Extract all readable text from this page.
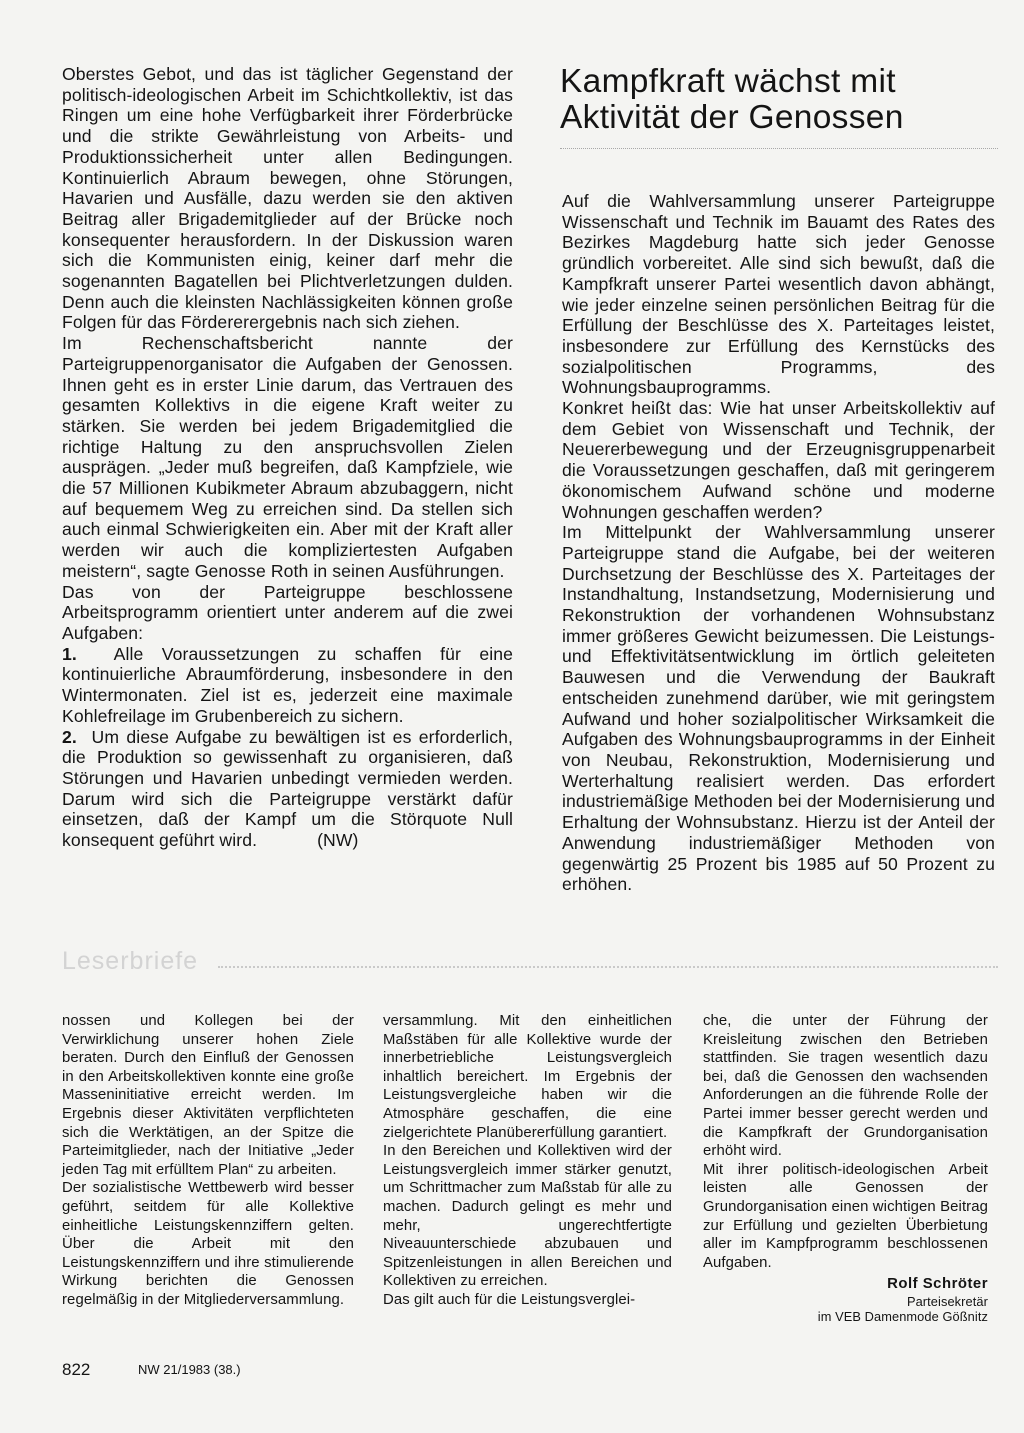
Oberstes Gebot, und das ist täglicher Gegenstand der politisch-ideologischen Arbeit im Schichtkollektiv, ist das Ringen um eine hohe Verfügbarkeit ihrer Förderbrücke und die strikte Gewährleistung von Arbeits- und Produktionssicherheit unter allen Bedingungen. Kontinuierlich Abraum bewegen, ohne Störungen, Havarien und Ausfälle, dazu werden sie den aktiven Beitrag aller Brigademitglieder auf der Brücke noch konsequenter herausfordern. In der Diskussion waren sich die Kommunisten einig, keiner darf mehr die sogenannten Bagatellen bei Plichtverletzungen dulden. Denn auch die kleinsten Nachlässigkeiten können große Folgen für das Fördererergebnis nach sich ziehen.

Im Rechenschaftsbericht nannte der Parteigruppenorganisator die Aufgaben der Genossen. Ihnen geht es in erster Linie darum, das Vertrauen des gesamten Kollektivs in die eigene Kraft weiter zu stärken. Sie werden bei jedem Brigademitglied die richtige Haltung zu den anspruchsvollen Zielen ausprägen. „Jeder muß begreifen, daß Kampfziele, wie die 57 Millionen Kubikmeter Abraum abzubaggern, nicht auf bequemem Weg zu erreichen sind. Da stellen sich auch einmal Schwierigkeiten ein. Aber mit der Kraft aller werden wir auch die kompliziertesten Aufgaben meistern“, sagte Genosse Roth in seinen Ausführungen.

Das von der Parteigruppe beschlossene Arbeitsprogramm orientiert unter anderem auf die zwei Aufgaben:

1. Alle Voraussetzungen zu schaffen für eine kontinuierliche Abraumförderung, insbesondere in den Wintermonaten. Ziel ist es, jederzeit eine maximale Kohlefreilage im Grubenbereich zu sichern.

2. Um diese Aufgabe zu bewältigen ist es erforderlich, die Produktion so gewissenhaft zu organisieren, daß Störungen und Havarien unbedingt vermieden werden. Darum wird sich die Parteigruppe verstärkt dafür einsetzen, daß der Kampf um die Störquote Null konsequent geführt wird.	(NW)

Kampfkraft wächst mit Aktivität der Genossen

Auf die Wahlversammlung unserer Parteigruppe Wissenschaft und Technik im Bauamt des Rates des Bezirkes Magdeburg hatte sich jeder Genosse gründlich vorbereitet. Alle sind sich bewußt, daß die Kampfkraft unserer Partei wesentlich davon abhängt, wie jeder einzelne seinen persönlichen Beitrag für die Erfüllung der Beschlüsse des X. Parteitages leistet, insbesondere zur Erfüllung des Kernstücks des sozialpolitischen Programms, des Wohnungsbauprogramms.

Konkret heißt das: Wie hat unser Arbeitskollektiv auf dem Gebiet von Wissenschaft und Technik, der Neuererbewegung und der Erzeugnisgruppenarbeit die Voraussetzungen geschaffen, daß mit geringerem ökonomischem Aufwand schöne und moderne Wohnungen geschaffen werden?

Im Mittelpunkt der Wahlversammlung unserer Parteigruppe stand die Aufgabe, bei der weiteren Durchsetzung der Beschlüsse des X. Parteitages der Instandhaltung, Instandsetzung, Modernisierung und Rekonstruktion der vorhandenen Wohnsubstanz immer größeres Gewicht beizumessen. Die Leistungs- und Effektivitätsentwicklung im örtlich geleiteten Bauwesen und die Verwendung der Baukraft entscheiden zunehmend darüber, wie mit geringstem Aufwand und hoher sozialpolitischer Wirksamkeit die Aufgaben des Wohnungsbauprogramms in der Einheit von Neubau, Rekonstruktion, Modernisierung und Werterhaltung realisiert werden. Das erfordert industriemäßige Methoden bei der Modernisierung und Erhaltung der Wohnsubstanz. Hierzu ist der Anteil der Anwendung industriemäßiger Methoden von gegenwärtig 25 Prozent bis 1985 auf 50 Prozent zu erhöhen.

Leserbriefe

nossen und Kollegen bei der Verwirklichung unserer hohen Ziele beraten. Durch den Einfluß der Genossen in den Arbeitskollektiven konnte eine große Masseninitiative erreicht werden. Im Ergebnis dieser Aktivitäten verpflichteten sich die Werktätigen, an der Spitze die Parteimitglieder, nach der Initiative „Jeder jeden Tag mit erfülltem Plan“ zu arbeiten.

Der sozialistische Wettbewerb wird besser geführt, seitdem für alle Kollektive einheitliche Leistungskennziffern gelten. Über die Arbeit mit den Leistungskennziffern und ihre stimulierende Wirkung berichten die Genossen regelmäßig in der Mitgliederversammlung.

versammlung. Mit den einheitlichen Maßstäben für alle Kollektive wurde der innerbetriebliche Leistungsvergleich inhaltlich bereichert. Im Ergebnis der Leistungsvergleiche haben wir die Atmosphäre geschaffen, die eine zielgerichtete Planübererfüllung garantiert.

In den Bereichen und Kollektiven wird der Leistungsvergleich immer stärker genutzt, um Schrittmacher zum Maßstab für alle zu machen. Dadurch gelingt es mehr und mehr, ungerechtfertigte Niveauunterschiede abzubauen und Spitzenleistungen in allen Bereichen und Kollektiven zu erreichen.

Das gilt auch für die Leistungsverglei-

che, die unter der Führung der Kreisleitung zwischen den Betrieben stattfinden. Sie tragen wesentlich dazu bei, daß die Genossen den wachsenden Anforderungen an die führende Rolle der Partei immer besser gerecht werden und die Kampfkraft der Grundorganisation erhöht wird.

Mit ihrer politisch-ideologischen Arbeit leisten alle Genossen der Grundorganisation einen wichtigen Beitrag zur Erfüllung und gezielten Überbietung aller im Kampfprogramm beschlossenen Aufgaben.

Rolf Schröter

Parteisekretär

im VEB Damenmode Gößnitz

822	NW 21/1983 (38.)
